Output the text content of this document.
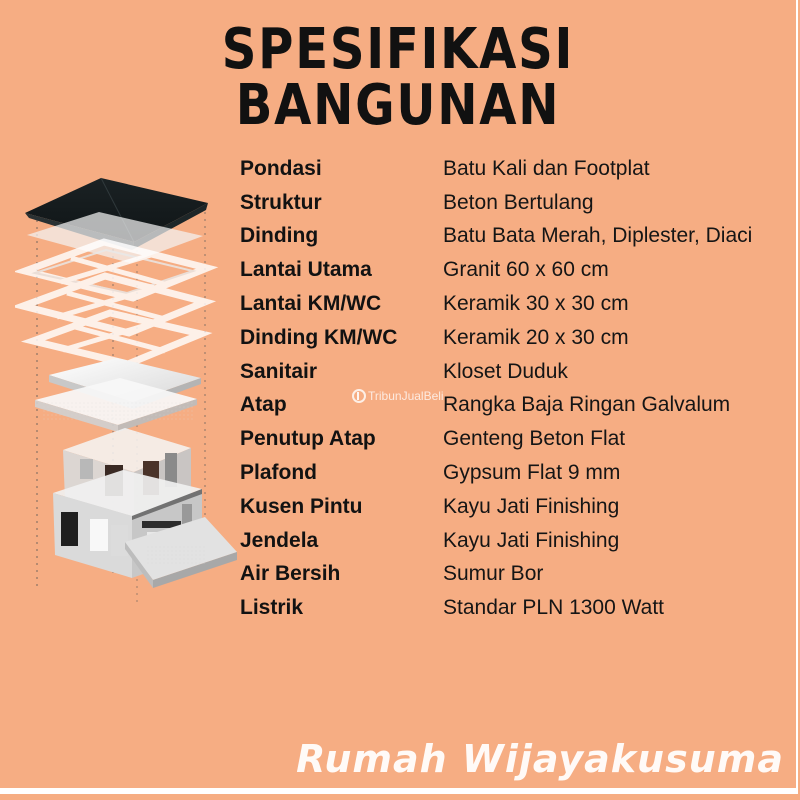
SPESIFIKASI BANGUNAN
Pondasi	Batu Kali dan Footplat
Struktur	Beton Bertulang
Dinding	Batu Bata Merah, Diplester, Diaci
Lantai Utama	Granit 60 x 60 cm
Lantai KM/WC	Keramik 30 x 30 cm
Dinding KM/WC	Keramik 20 x 30 cm
Sanitair	Kloset Duduk
Atap	Rangka Baja Ringan Galvalum
Penutup Atap	Genteng Beton Flat
Plafond	Gypsum Flat 9 mm
Kusen Pintu	Kayu Jati Finishing
Jendela	Kayu Jati Finishing
Air Bersih	Sumur Bor
Listrik	Standar PLN 1300 Watt
TribunJualBeli
Rumah Wijayakusuma
